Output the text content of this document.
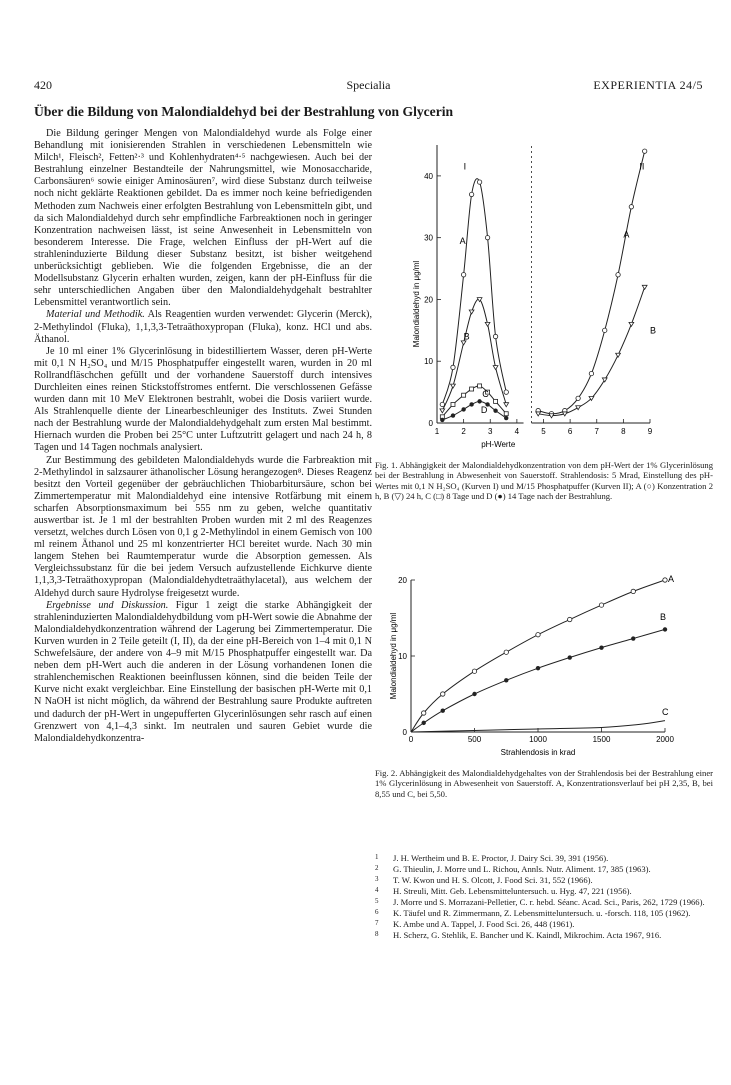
420	Specialia	EXPERIENTIA 24/5
Über die Bildung von Malondialdehyd bei der Bestrahlung von Glycerin

Die Bildung geringer Mengen von Malondialdehyd wurde als Folge einer Behandlung mit ionisierenden Strahlen in verschiedenen Lebensmitteln wie Milch¹, Fleisch², Fetten²·³ und Kohlenhydraten⁴·⁵ nachgewiesen. Auch bei der Bestrahlung einzelner Bestandteile der Nahrungsmittel, wie Monosaccharide, Carbonsäuren⁶ sowie einiger Aminosäuren⁷, wird diese Substanz durch teilweise noch nicht geklärte Reaktionen gebildet. Da es immer noch keine befriedigenden Methoden zum Nachweis einer erfolgten Bestrahlung von Lebensmitteln gibt, und da sich Malondialdehyd durch sehr empfindliche Farbreaktionen noch in geringer Konzentration nachweisen lässt, ist seine Anwesenheit in Lebensmitteln von besonderem Interesse. Die Frage, welchen Einfluss der pH-Wert auf die strahleninduzierte Bildung dieser Substanz besitzt, ist bisher weitgehend unberücksichtigt geblieben. Wie die folgenden Ergebnisse, die an der Modellsubstanz Glycerin erhalten wurden, zeigen, kann der pH-Einfluss für die sehr unterschiedlichen Angaben über den Malondialdehydgehalt bestrahlter Lebensmittel verantwortlich sein.

Material und Methodik. Als Reagentien wurden verwendet: Glycerin (Merck), 2-Methylindol (Fluka), 1,1,3,3-Tetraäthoxypropan (Fluka), konz. HCl und abs. Äthanol.

Je 10 ml einer 1% Glycerinlösung in bidestilliertem Wasser, deren pH-Werte mit 0,1 N H₂SO₄ und M/15 Phosphatpuffer eingestellt waren, wurden in 20 ml Rollrandfläschchen gefüllt und der vorhandene Sauerstoff durch intensives Durchleiten eines reinen Stickstoffstromes entfernt. Die verschlossenen Gefässe wurden dann mit 10 MeV Elektronen bestrahlt, wobei die Dosis variiert wurde. Als Strahlenquelle diente der Linearbeschleuniger des Instituts. Zwei Stunden nach der Bestrahlung wurde der Malondialdehydgehalt zum ersten Mal bestimmt. Hiernach wurden die Proben bei 25°C unter Luftzutritt gelagert und nach 24 h, 8 Tagen und 14 Tagen nochmals analysiert.

Zur Bestimmung des gebildeten Malondialdehyds wurde die Farbreaktion mit 2-Methylindol in salzsaurer äthanolischer Lösung herangezogen⁸. Dieses Reagenz besitzt den Vorteil gegenüber der gebräuchlichen Thiobarbitursäure, schon bei Zimmertemperatur mit Malondialdehyd eine intensive Rotfärbung mit einem scharfen Absorptionsmaximum bei 555 nm zu geben, welche quantitativ auswertbar ist. Je 1 ml der bestrahlten Proben wurden mit 2 ml des Reagenzes versetzt, welches durch Lösen von 0,1 g 2-Methylindol in einem Gemisch von 100 ml reinem Äthanol und 25 ml konzentrierter HCl bereitet wurde. Nach 30 min langem Stehen bei Raumtemperatur wurde die Absorption gemessen. Als Vergleichssubstanz für die bei jedem Versuch aufzustellende Eichkurve diente 1,1,3,3-Tetraäthoxypropan (Malondialdehydtetraäthylacetal), aus welchem der Aldehyd durch saure Hydrolyse freigesetzt wurde.

Ergebnisse und Diskussion. Figur 1 zeigt die starke Abhängigkeit der strahleninduzierten Malondialdehydbildung vom pH-Wert sowie die Abnahme der Malondialdehydkonzentration während der Lagerung bei Zimmertemperatur. Die Kurven wurden in 2 Teile geteilt (I, II), da der eine pH-Bereich von 1–4 mit 0,1 N Schwefelsäure, der andere von 4–9 mit M/15 Phosphatpuffer eingestellt war. Da neben dem pH-Wert auch die anderen in der Lösung vorhandenen Ionen die strahlenchemischen Reaktionen beeinflussen können, sind die beiden Teile der Kurve nicht exakt vergleichbar. Eine Einstellung der basischen pH-Werte mit 0,1 N NaOH ist nicht möglich, da während der Bestrahlung saure Produkte auftreten und dadurch der pH-Wert in ungepufferten Glycerinlösungen sehr rasch auf einen Grenzwert von 4,1–4,3 sinkt. Im neutralen und sauren Gebiet wurde die Malondialdehydkonzentra-

0
10
20
30
40
1	2	3	4	5	6	7	8	9
pH-Werte
Malondialdehyd in μg/ml
I	II
A
B
C
D
A
B
Fig. 1. Abhängigkeit der Malondialdehydkonzentration von dem pH-Wert der 1% Glycerinlösung bei der Bestrahlung in Abwesenheit von Sauerstoff. Strahlendosis: 5 Mrad, Einstellung des pH-Wertes mit 0,1 N H₂SO₄ (Kurven I) und M/15 Phosphatpuffer (Kurven II); A (○) Konzentration 2 h, B (▽) 24 h, C (□) 8 Tage und D (●) 14 Tage nach der Bestrahlung.
0
10
20
0	500	1000	1500	2000
Strahlendosis in krad
Malondialdehyd in μg/ml
A
B
C
Fig. 2. Abhängigkeit des Malondialdehydgehaltes von der Strahlendosis bei der Bestrahlung einer 1% Glycerinlösung in Abwesenheit von Sauerstoff. A, Konzentrationsverlauf bei pH 2,35, B, bei 8,55 und C, bei 5,50.
1 J. H. Wertheim und B. E. Proctor, J. Dairy Sci. 39, 391 (1956).
2 G. Thieulin, J. Morre und L. Richou, Annls. Nutr. Aliment. 17, 385 (1963).
3 T. W. Kwon und H. S. Olcott, J. Food Sci. 31, 552 (1966).
4 H. Streuli, Mitt. Geb. Lebensmitteluntersuch. u. Hyg. 47, 221 (1956).
5 J. Morre und S. Morrazani-Pelletier, C. r. hebd. Séanc. Acad. Sci., Paris, 262, 1729 (1966).
6 K. Täufel und R. Zimmermann, Z. Lebensmitteluntersuch. u. -forsch. 118, 105 (1962).
7 K. Ambe und A. Tappel, J. Food Sci. 26, 448 (1961).
8 H. Scherz, G. Stehlik, E. Bancher und K. Kaindl, Mikrochim. Acta 1967, 916.
